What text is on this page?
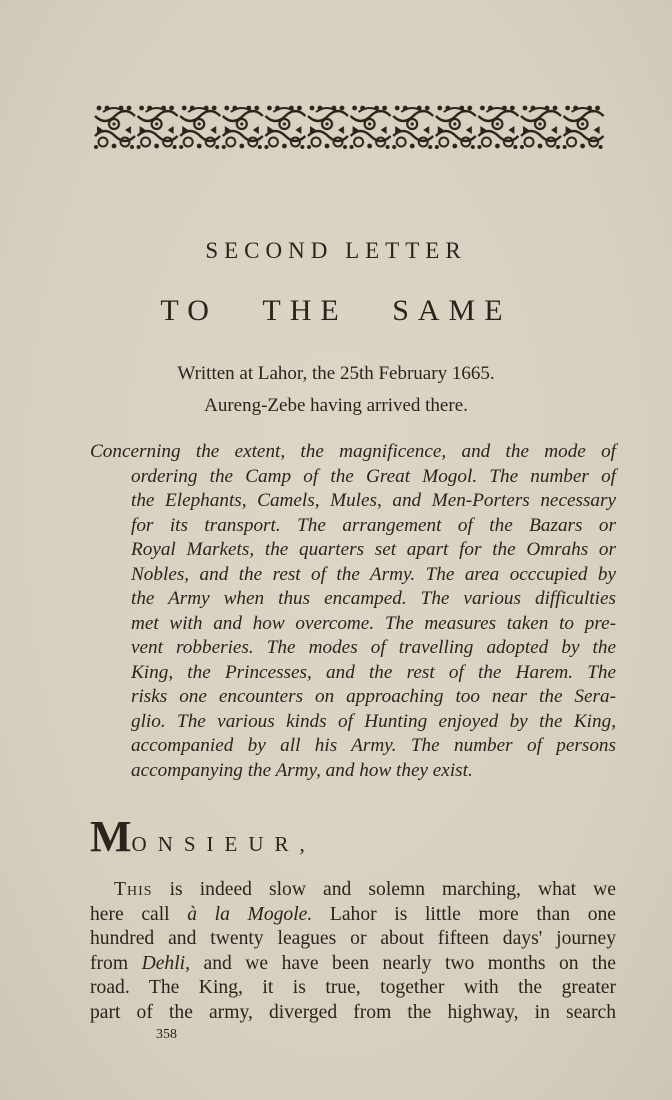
SECOND LETTER
TO THE SAME
Written at Lahor, the 25th February 1665.
Aureng-Zebe having arrived there.
Concerning the extent, the magnificence, and the mode of
ordering the Camp of the Great Mogol. The number of
the Elephants, Camels, Mules, and Men-Porters necessary
for its transport. The arrangement of the Bazars or
Royal Markets, the quarters set apart for the Omrahs or
Nobles, and the rest of the Army. The area occcupied by
the Army when thus encamped. The various difficulties
met with and how overcome. The measures taken to pre-
vent robberies. The modes of travelling adopted by the
King, the Princesses, and the rest of the Harem. The
risks one encounters on approaching too near the Sera-
glio. The various kinds of Hunting enjoyed by the King,
accompanied by all his Army. The number of persons
accompanying the Army, and how they exist.
MONSIEUR,
This is indeed slow and solemn marching, what we
here call à la Mogole. Lahor is little more than one
hundred and twenty leagues or about fifteen days' journey
from Dehli, and we have been nearly two months on the
road. The King, it is true, together with the greater
part of the army, diverged from the highway, in search
358
